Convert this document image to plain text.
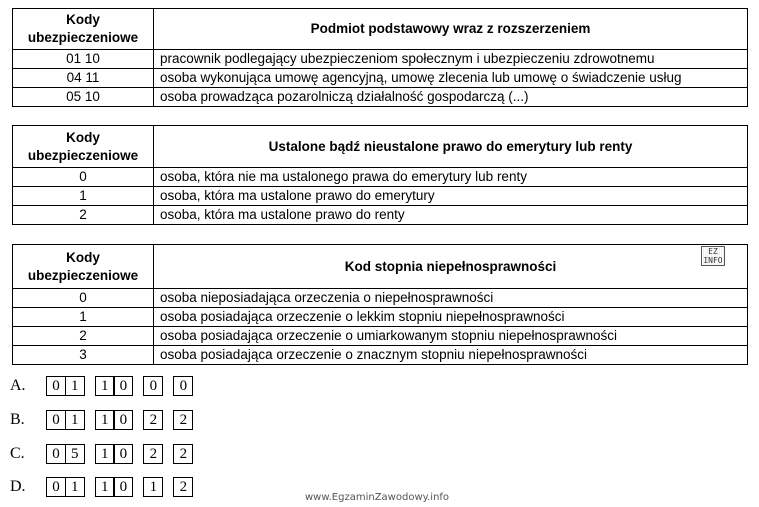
Kody
ubezpieczeniowe	Podmiot podstawowy wraz z rozszerzeniem
01 10	pracownik podlegający ubezpieczeniom społecznym i ubezpieczeniu zdrowotnemu
04 11	osoba wykonująca umowę agencyjną, umowę zlecenia lub umowę o świadczenie usług
05 10	osoba prowadząca pozarolniczą działalność gospodarczą (...)
Kody
ubezpieczeniowe	Ustalone bądź nieustalone prawo do emerytury lub renty
0	osoba, która nie ma ustalonego prawa do emerytury lub renty
1	osoba, która ma ustalone prawo do emerytury
2	osoba, która ma ustalone prawo do renty
Kody
ubezpieczeniowe	Kod stopnia niepełnosprawności
0	osoba nieposiadająca orzeczenia o niepełnosprawności
1	osoba posiadająca orzeczenie o lekkim stopniu niepełnosprawności
2	osoba posiadająca orzeczenie o umiarkowanym stopniu niepełnosprawności
3	osoba posiadająca orzeczenie o znacznym stopniu niepełnosprawności
EZ
INFO
A.	0 1	1 0	0	0
B.	0 1	1 0	2	2
C.	0 5	1 0	2	2
D.	0 1	1 0	1	2
www.EgzaminZawodowy.info
